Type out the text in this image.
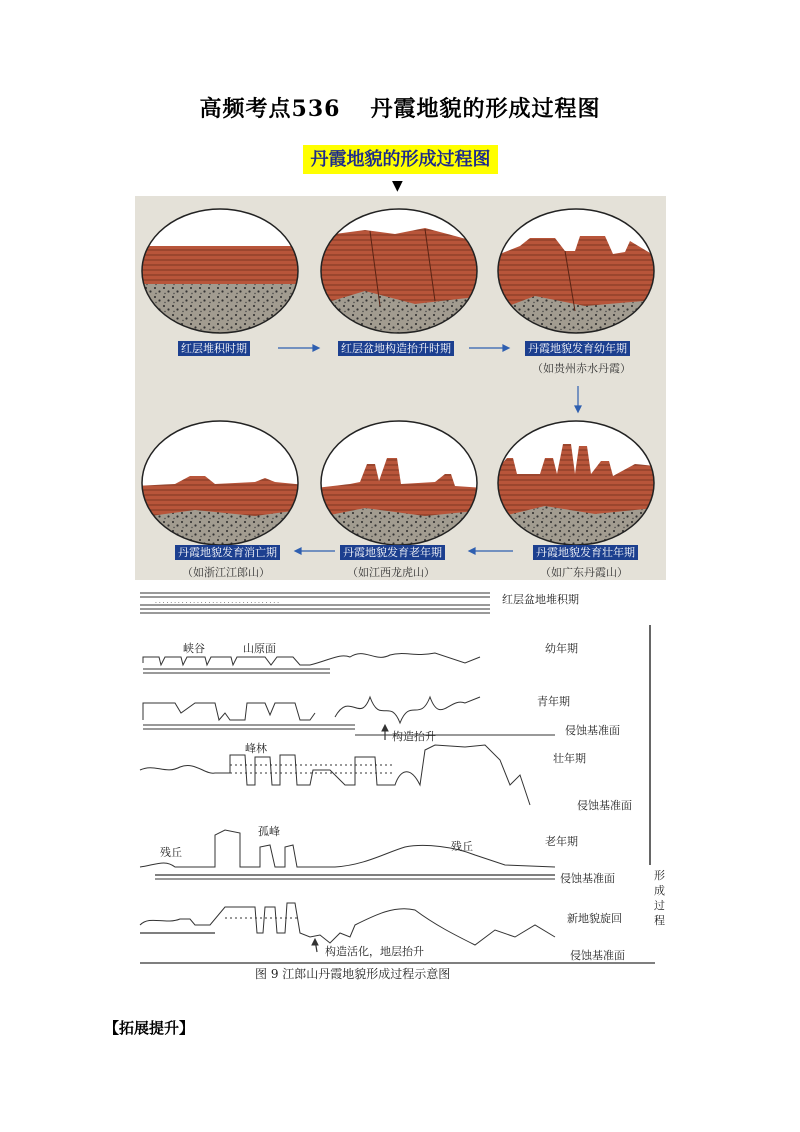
高频考点536 丹霞地貌的形成过程图
丹霞地貌的形成过程图
▼
红层堆积时期	红层盆地构造抬升时期	丹霞地貌发育幼年期
（如贵州赤水丹霞）
丹霞地貌发育壮年期
（如广东丹霞山）
丹霞地貌发育老年期
（如江西龙虎山）
丹霞地貌发育消亡期
（如浙江江郎山）
. . . . . . . . . . . . . . . . . . . . . . . . . . . . . . . . .	红层盆地堆积期
幼年期
青年期
侵蚀基准面
壮年期
侵蚀基准面
老年期
侵蚀基准面
新地貌旋回
侵蚀基准面
峡谷	山原面
构造抬升
峰林
孤峰
残丘	残丘
构造活化，地层抬升
形成过程
图 9 江郎山丹霞地貌形成过程示意图
【拓展提升】
